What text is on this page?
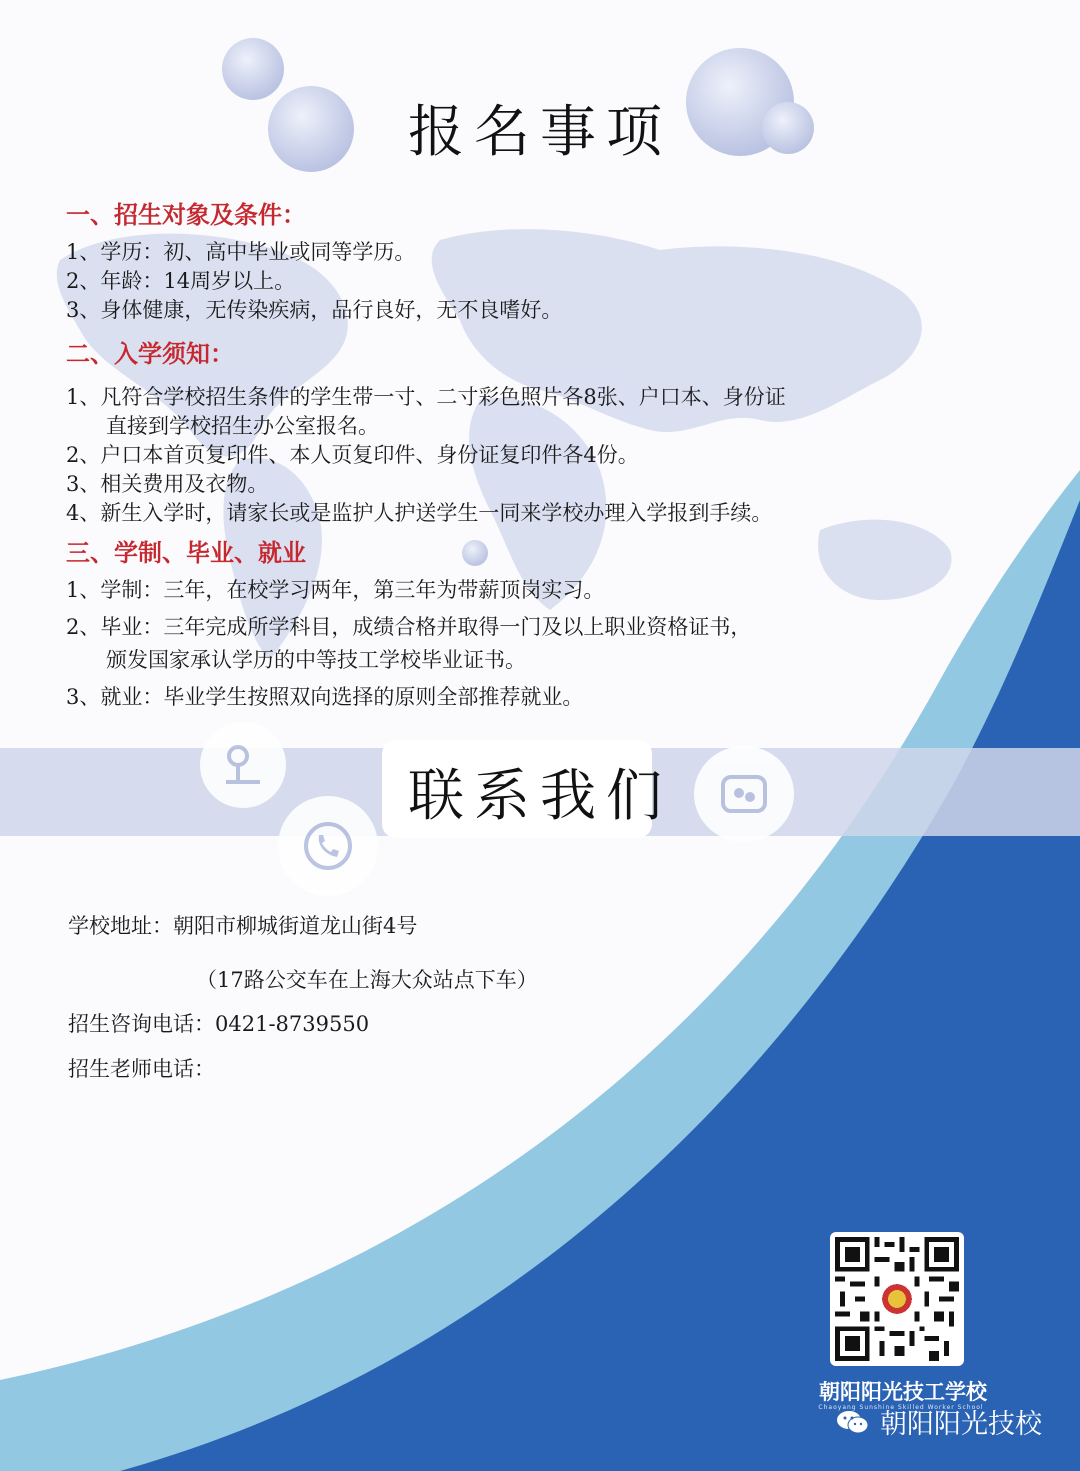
报名事项
联系我们

一、招生对象及条件：

1、学历：初、高中毕业或同等学历。

2、年龄：14周岁以上。

3、身体健康，无传染疾病，品行良好，无不良嗜好。

二、入学须知：

1、凡符合学校招生条件的学生带一寸、二寸彩色照片各8张、户口本、身份证

直接到学校招生办公室报名。

2、户口本首页复印件、本人页复印件、身份证复印件各4份。

3、相关费用及衣物。

4、新生入学时，请家长或是监护人护送学生一同来学校办理入学报到手续。

三、学制、毕业、就业

1、学制：三年，在校学习两年，第三年为带薪顶岗实习。

2、毕业：三年完成所学科目，成绩合格并取得一门及以上职业资格证书，

颁发国家承认学历的中等技工学校毕业证书。

3、就业：毕业学生按照双向选择的原则全部推荐就业。

学校地址：朝阳市柳城街道龙山街4号

（17路公交车在上海大众站点下车）

招生咨询电话：0421-8739550

招生老师电话：

朝阳阳光技工学校
Chaoyang Sunshine Skilled Worker School
朝阳阳光技校
